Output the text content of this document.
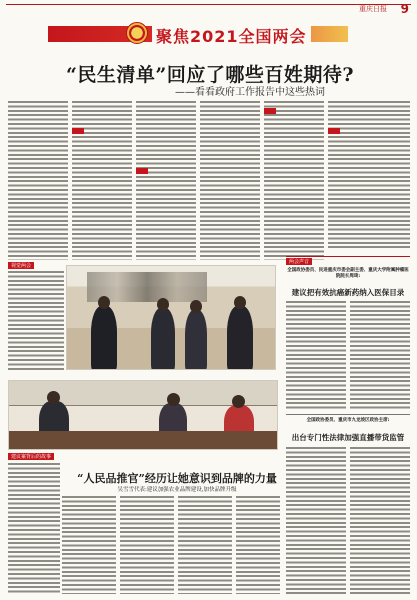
重庆日报 9
聚焦2021全国两会
“民生清单”回应了哪些百姓期待?
——看看政府工作报告中这些热词

视觉两会
建议案背后的故事
两会声音
全国政协委员、民进重庆市委会副主委、重庆大学附属肿瘤医院院长周琦:
建议把有效抗癌新药纳入医保目录
全国政协委员、重庆市九龙坡区政协主席:
出台专门性法律加强直播带货监管
“人民品推官”经历让她意识到品牌的力量
吴雪雪代表:建议加强农业品牌建设,加快品牌升级
